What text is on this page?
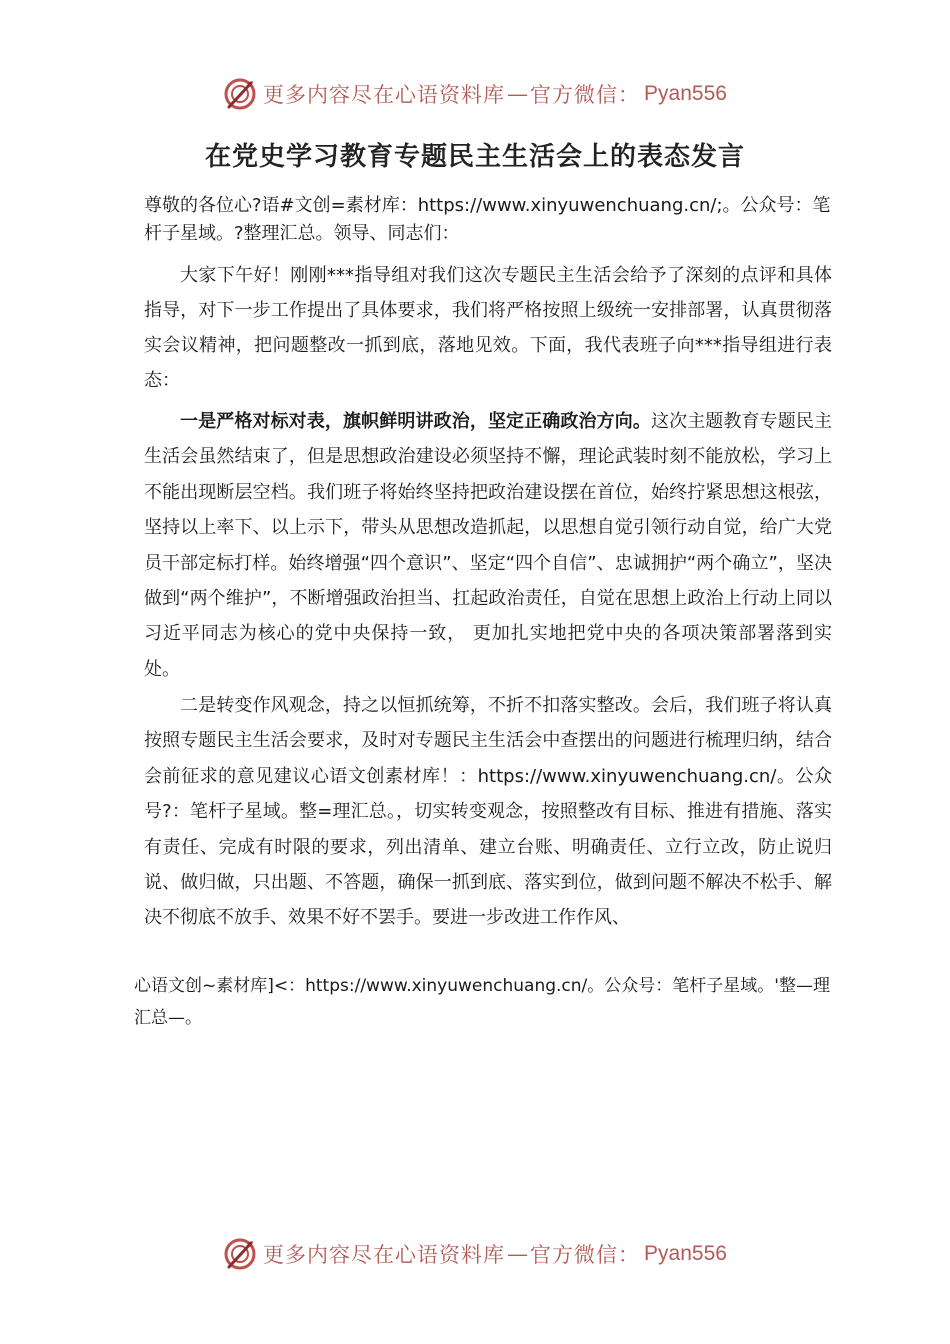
更多内容尽在心语资料库 — 官方微信： Pyan556
在党史学习教育专题民主生活会上的表态发言

尊敬的各位心?语#文创=素材库：https://www.xinyuwenchuang.cn/;。公众号：笔杆子星域。?整理汇总。领导、同志们：

大家下午好！刚刚***指导组对我们这次专题民主生活会给予了深刻的点评和具体指导，对下一步工作提出了具体要求，我们将严格按照上级统一安排部署，认真贯彻落实会议精神，把问题整改一抓到底，落地见效。下面，我代表班子向***指导组进行表态：

一是严格对标对表，旗帜鲜明讲政治，坚定正确政治方向。这次主题教育专题民主生活会虽然结束了，但是思想政治建设必须坚持不懈，理论武装时刻不能放松，学习上不能出现断层空档。我们班子将始终坚持把政治建设摆在首位，始终拧紧思想这根弦，坚持以上率下、以上示下，带头从思想改造抓起，以思想自觉引领行动自觉，给广大党员干部定标打样。始终增强“四个意识”、坚定“四个自信”、忠诚拥护“两个确立”，坚决做到“两个维护”，不断增强政治担当、扛起政治责任，自觉在思想上政治上行动上同以习近平同志为核心的党中央保持一致， 更加扎实地把党中央的各项决策部署落到实处。

二是转变作风观念，持之以恒抓统筹，不折不扣落实整改。会后，我们班子将认真按照专题民主生活会要求，及时对专题民主生活会中查摆出的问题进行梳理归纳，结合会前征求的意见建议心语文创素材库！：https://www.xinyuwenchuang.cn/。公众号?：笔杆子星域。整=理汇总。，切实转变观念，按照整改有目标、推进有措施、落实有责任、完成有时限的要求，列出清单、建立台账、明确责任、立行立改，防止说归说、做归做，只出题、不答题，确保一抓到底、落实到位，做到问题不解决不松手、解决不彻底不放手、效果不好不罢手。要进一步改进工作作风、

心语文创~素材库]<：https://www.xinyuwenchuang.cn/。公众号：笔杆子星域。'整—理汇总—。

更多内容尽在心语资料库 — 官方微信： Pyan556
